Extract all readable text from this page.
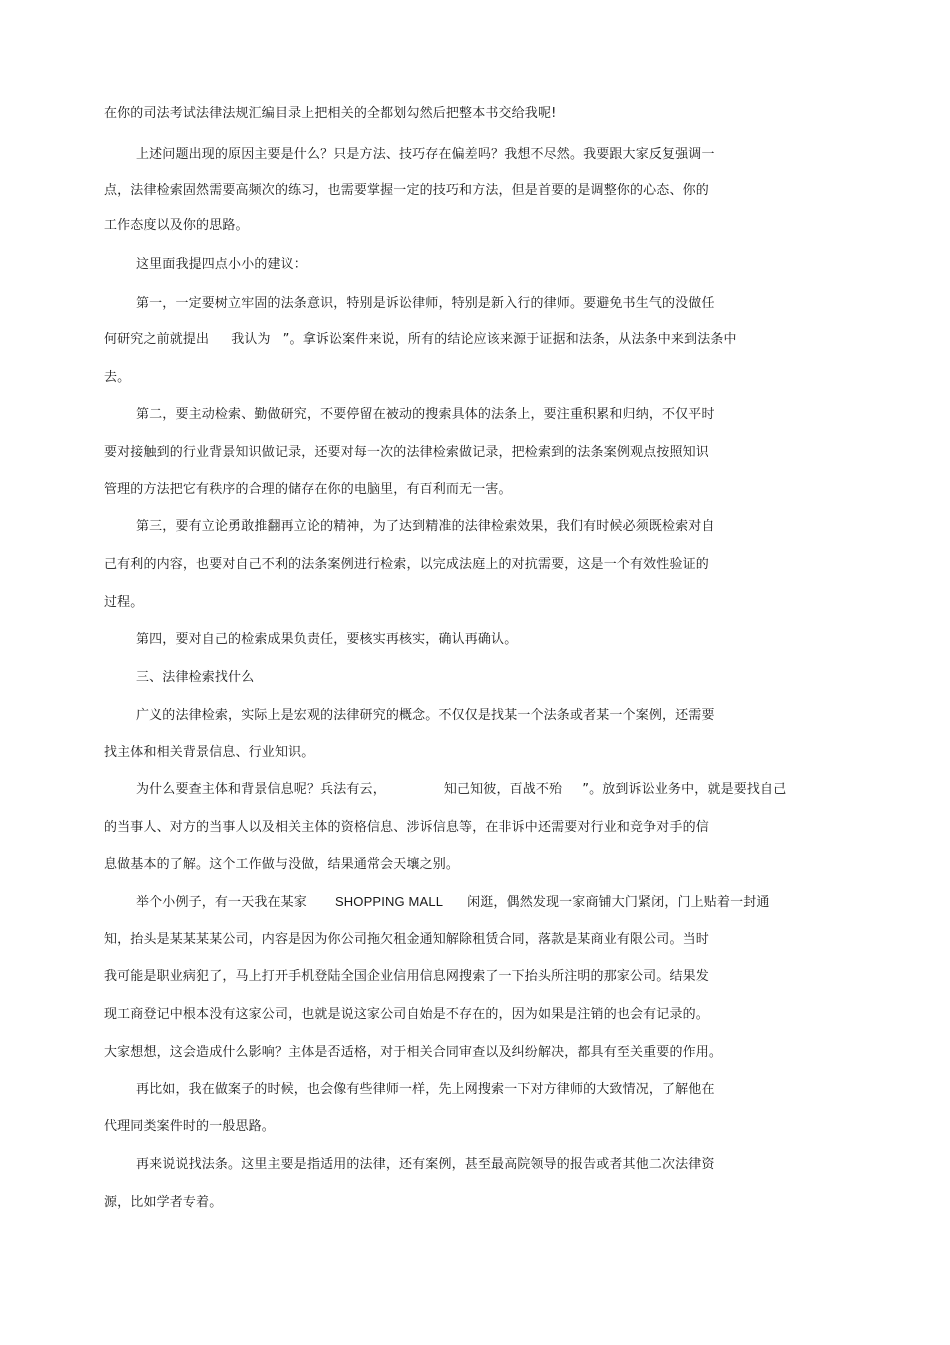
在你的司法考试法律法规汇编目录上把相关的全都划勾然后把整本书交给我呢!
上述问题出现的原因主要是什么？只是方法、技巧存在偏差吗？我想不尽然。我要跟大家反复强调一
点，法律检索固然需要高频次的练习，也需要掌握一定的技巧和方法，但是首要的是调整你的心态、你的
工作态度以及你的思路。
这里面我提四点小小的建议：
第一，一定要树立牢固的法条意识，特别是诉讼律师，特别是新入行的律师。要避免书生气的没做任
何研究之前就提出 我认为 ”。拿诉讼案件来说，所有的结论应该来源于证据和法条，从法条中来到法条中
去。
第二，要主动检索、勤做研究，不要停留在被动的搜索具体的法条上，要注重积累和归纳，不仅平时
要对接触到的行业背景知识做记录，还要对每一次的法律检索做记录，把检索到的法条案例观点按照知识
管理的方法把它有秩序的合理的储存在你的电脑里，有百利而无一害。
第三，要有立论勇敢推翻再立论的精神，为了达到精准的法律检索效果，我们有时候必须既检索对自
己有利的内容，也要对自己不利的法条案例进行检索，以完成法庭上的对抗需要，这是一个有效性验证的
过程。
第四，要对自己的检索成果负责任，要核实再核实，确认再确认。
三、法律检索找什么
广义的法律检索，实际上是宏观的法律研究的概念。不仅仅是找某一个法条或者某一个案例，还需要
找主体和相关背景信息、行业知识。
为什么要查主体和背景信息呢？兵法有云，	知己知彼，百战不殆 ”。放到诉讼业务中，就是要找自己
的当事人、对方的当事人以及相关主体的资格信息、涉诉信息等，在非诉中还需要对行业和竞争对手的信
息做基本的了解。这个工作做与没做，结果通常会天壤之别。
举个小例子，有一天我在某家 SHOPPING MALL 闲逛，偶然发现一家商铺大门紧闭，门上贴着一封通
知，抬头是某某某某公司，内容是因为你公司拖欠租金通知解除租赁合同，落款是某商业有限公司。当时
我可能是职业病犯了，马上打开手机登陆全国企业信用信息网搜索了一下抬头所注明的那家公司。结果发
现工商登记中根本没有这家公司，也就是说这家公司自始是不存在的，因为如果是注销的也会有记录的。
大家想想，这会造成什么影响？主体是否适格，对于相关合同审查以及纠纷解决，都具有至关重要的作用。
再比如，我在做案子的时候，也会像有些律师一样，先上网搜索一下对方律师的大致情况，了解他在
代理同类案件时的一般思路。
再来说说找法条。这里主要是指适用的法律，还有案例，甚至最高院领导的报告或者其他二次法律资
源，比如学者专着。
